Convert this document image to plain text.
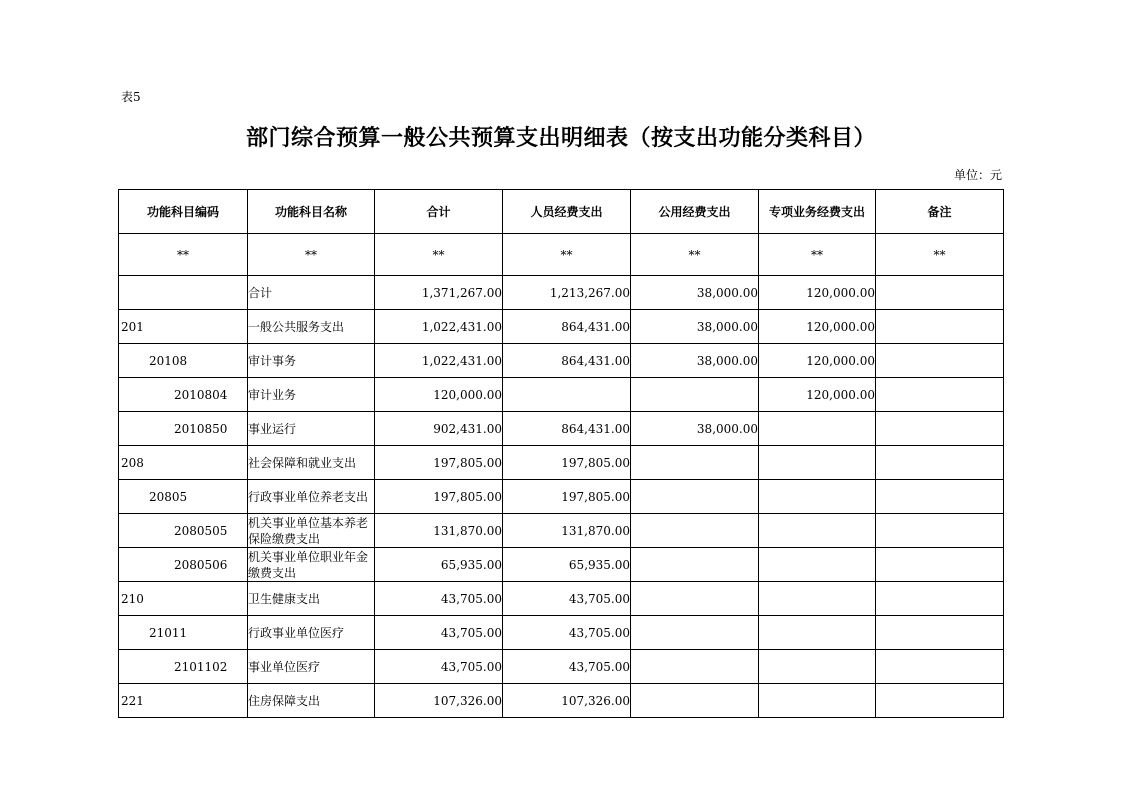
表5
部门综合预算一般公共预算支出明细表（按支出功能分类科目）
单位：元
功能科目编码	功能科目名称	合计	人员经费支出	公用经费支出	专项业务经费支出	备注
**	**	**	**	**	**	**

	合计	1,371,267.00	1,213,267.00	38,000.00	120,000.00	
201	一般公共服务支出	1,022,431.00	864,431.00	38,000.00	120,000.00	
20108	审计事务	1,022,431.00	864,431.00	38,000.00	120,000.00	
2010804	审计业务	120,000.00			120,000.00	
2010850	事业运行	902,431.00	864,431.00	38,000.00		
208	社会保障和就业支出	197,805.00	197,805.00			
20805	行政事业单位养老支出	197,805.00	197,805.00			
2080505	机关事业单位基本养老保险缴费支出	131,870.00	131,870.00			
2080506	机关事业单位职业年金缴费支出	65,935.00	65,935.00			
210	卫生健康支出	43,705.00	43,705.00			
21011	行政事业单位医疗	43,705.00	43,705.00			
2101102	事业单位医疗	43,705.00	43,705.00			
221	住房保障支出	107,326.00	107,326.00			
